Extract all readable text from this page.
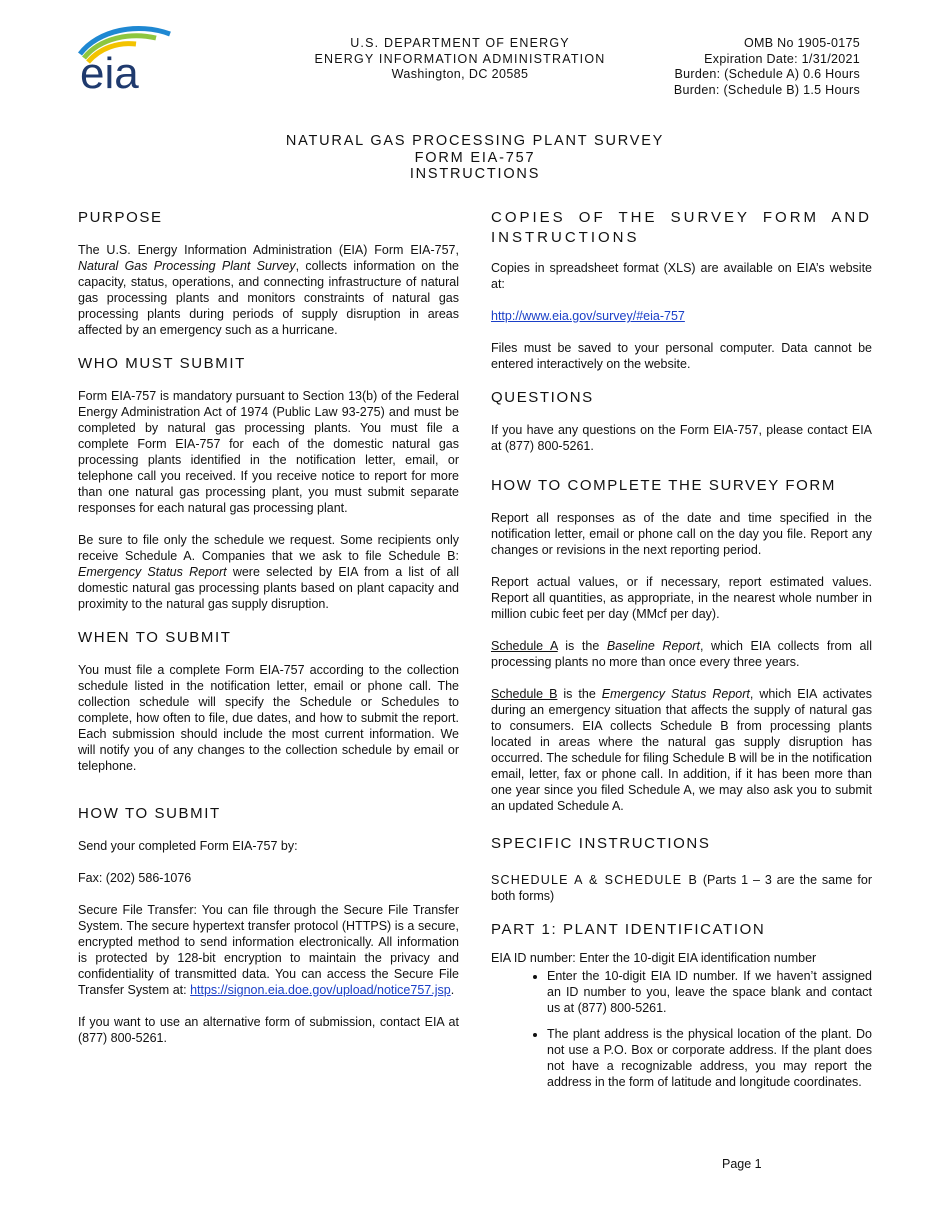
eia
U.S. DEPARTMENT OF ENERGY
ENERGY INFORMATION ADMINISTRATION
Washington, DC 20585
OMB No 1905-0175
Expiration Date: 1/31/2021
Burden: (Schedule A) 0.6 Hours
Burden: (Schedule B) 1.5 Hours
NATURAL GAS PROCESSING PLANT SURVEY
FORM EIA-757
INSTRUCTIONS
PURPOSE

The U.S. Energy Information Administration (EIA) Form EIA-757, Natural Gas Processing Plant Survey, collects information on the capacity, status, operations, and connecting infrastructure of natural gas processing plants and monitors constraints of natural gas processing plants during periods of supply disruption in areas affected by an emergency such as a hurricane.

WHO MUST SUBMIT

Form EIA-757 is mandatory pursuant to Section 13(b) of the Federal Energy Administration Act of 1974 (Public Law 93-275) and must be completed by natural gas processing plants. You must file a complete Form EIA-757 for each of the domestic natural gas processing plants identified in the notification letter, email, or telephone call you received. If you receive notice to report for more than one natural gas processing plant, you must submit separate responses for each natural gas processing plant.

Be sure to file only the schedule we request. Some recipients only receive Schedule A. Companies that we ask to file Schedule B: Emergency Status Report were selected by EIA from a list of all domestic natural gas processing plants based on plant capacity and proximity to the natural gas supply disruption.

WHEN TO SUBMIT

You must file a complete Form EIA-757 according to the collection schedule listed in the notification letter, email or phone call. The collection schedule will specify the Schedule or Schedules to complete, how often to file, due dates, and how to submit the report. Each submission should include the most current information. We will notify you of any changes to the collection schedule by email or telephone.

HOW TO SUBMIT

Send your completed Form EIA-757 by:

Fax: (202) 586-1076

Secure File Transfer: You can file through the Secure File Transfer System. The secure hypertext transfer protocol (HTTPS) is a secure, encrypted method to send information electronically. All information is protected by 128-bit encryption to maintain the privacy and confidentiality of transmitted data. You can access the Secure File Transfer System at: https://signon.eia.doe.gov/upload/notice757.jsp.

If you want to use an alternative form of submission, contact EIA at (877) 800-5261.

COPIES OF THE SURVEY FORM AND INSTRUCTIONS

Copies in spreadsheet format (XLS) are available on EIA’s website at:

http://www.eia.gov/survey/#eia-757

Files must be saved to your personal computer. Data cannot be entered interactively on the website.

QUESTIONS

If you have any questions on the Form EIA-757, please contact EIA at (877) 800-5261.

HOW TO COMPLETE THE SURVEY FORM

Report all responses as of the date and time specified in the notification letter, email or phone call on the day you file. Report any changes or revisions in the next reporting period.

Report actual values, or if necessary, report estimated values. Report all quantities, as appropriate, in the nearest whole number in million cubic feet per day (MMcf per day).

Schedule A is the Baseline Report, which EIA collects from all processing plants no more than once every three years.

Schedule B is the Emergency Status Report, which EIA activates during an emergency situation that affects the supply of natural gas to consumers. EIA collects Schedule B from processing plants located in areas where the natural gas supply disruption has occurred. The schedule for filing Schedule B will be in the notification email, letter, fax or phone call. In addition, if it has been more than one year since you filed Schedule A, we may also ask you to submit an updated Schedule A.

SPECIFIC INSTRUCTIONS

SCHEDULE A & SCHEDULE B (Parts 1 – 3 are the same for both forms)

PART 1: PLANT IDENTIFICATION

EIA ID number: Enter the 10-digit EIA identification number

• Enter the 10-digit EIA ID number. If we haven’t assigned an ID number to you, leave the space blank and contact us at (877) 800-5261.
• The plant address is the physical location of the plant. Do not use a P.O. Box or corporate address. If the plant does not have a recognizable address, you may report the address in the form of latitude and longitude coordinates.
Page 1
